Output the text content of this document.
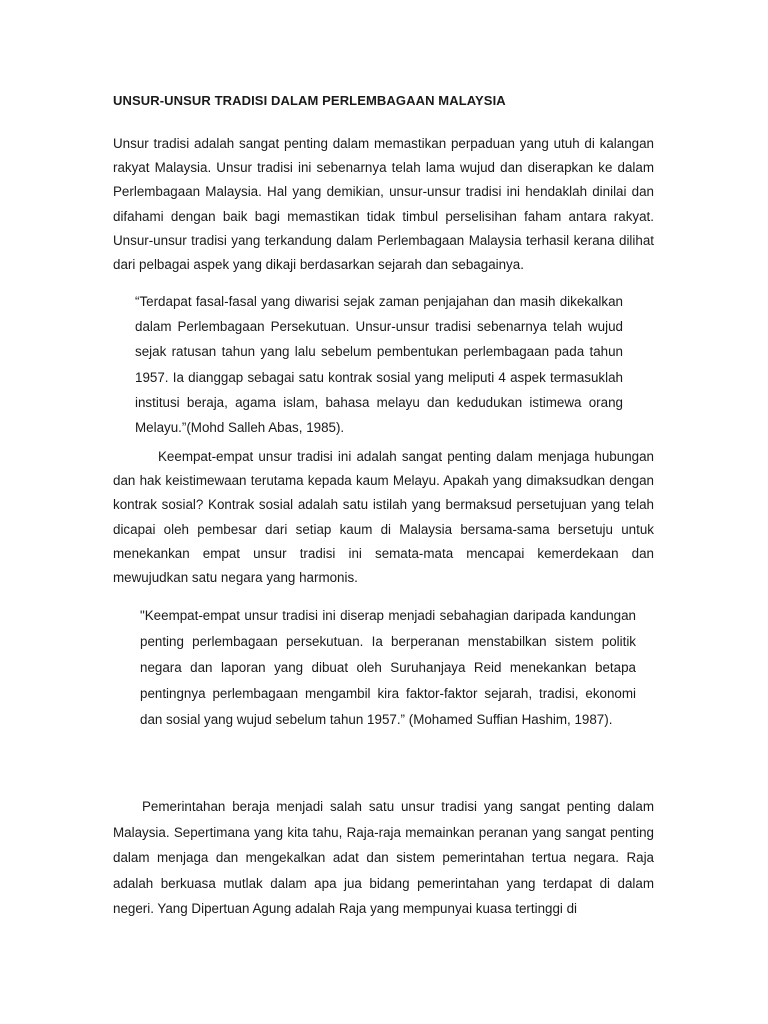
UNSUR-UNSUR TRADISI DALAM PERLEMBAGAAN MALAYSIA

Unsur tradisi adalah sangat penting dalam memastikan perpaduan yang utuh di kalangan rakyat Malaysia. Unsur tradisi ini sebenarnya telah lama wujud dan diserapkan ke dalam Perlembagaan Malaysia. Hal yang demikian, unsur-unsur tradisi ini hendaklah dinilai dan difahami dengan baik bagi memastikan tidak timbul perselisihan faham antara rakyat. Unsur-unsur tradisi yang terkandung dalam Perlembagaan Malaysia terhasil kerana dilihat dari pelbagai aspek yang dikaji berdasarkan sejarah dan sebagainya.

“Terdapat fasal-fasal yang diwarisi sejak zaman penjajahan dan masih dikekalkan dalam Perlembagaan Persekutuan. Unsur-unsur tradisi sebenarnya telah wujud sejak ratusan tahun yang lalu sebelum pembentukan perlembagaan pada tahun 1957. Ia dianggap sebagai satu kontrak sosial yang meliputi 4 aspek termasuklah institusi beraja, agama islam, bahasa melayu dan kedudukan istimewa orang Melayu.”(Mohd Salleh Abas, 1985).

Keempat-empat unsur tradisi ini adalah sangat penting dalam menjaga hubungan dan hak keistimewaan terutama kepada kaum Melayu. Apakah yang dimaksudkan dengan kontrak sosial? Kontrak sosial adalah satu istilah yang bermaksud persetujuan yang telah dicapai oleh pembesar dari setiap kaum di Malaysia bersama-sama bersetuju untuk menekankan empat unsur tradisi ini semata-mata mencapai kemerdekaan dan mewujudkan satu negara yang harmonis.

"Keempat-empat unsur tradisi ini diserap menjadi sebahagian daripada kandungan penting perlembagaan persekutuan. Ia berperanan menstabilkan sistem politik negara dan laporan yang dibuat oleh Suruhanjaya Reid menekankan betapa pentingnya perlembagaan mengambil kira faktor-faktor sejarah, tradisi, ekonomi dan sosial yang wujud sebelum tahun 1957.” (Mohamed Suffian Hashim, 1987).

Pemerintahan beraja menjadi salah satu unsur tradisi yang sangat penting dalam Malaysia. Sepertimana yang kita tahu, Raja-raja memainkan peranan yang sangat penting dalam menjaga dan mengekalkan adat dan sistem pemerintahan tertua negara. Raja adalah berkuasa mutlak dalam apa jua bidang pemerintahan yang terdapat di dalam negeri. Yang Dipertuan Agung adalah Raja yang mempunyai kuasa tertinggi di
